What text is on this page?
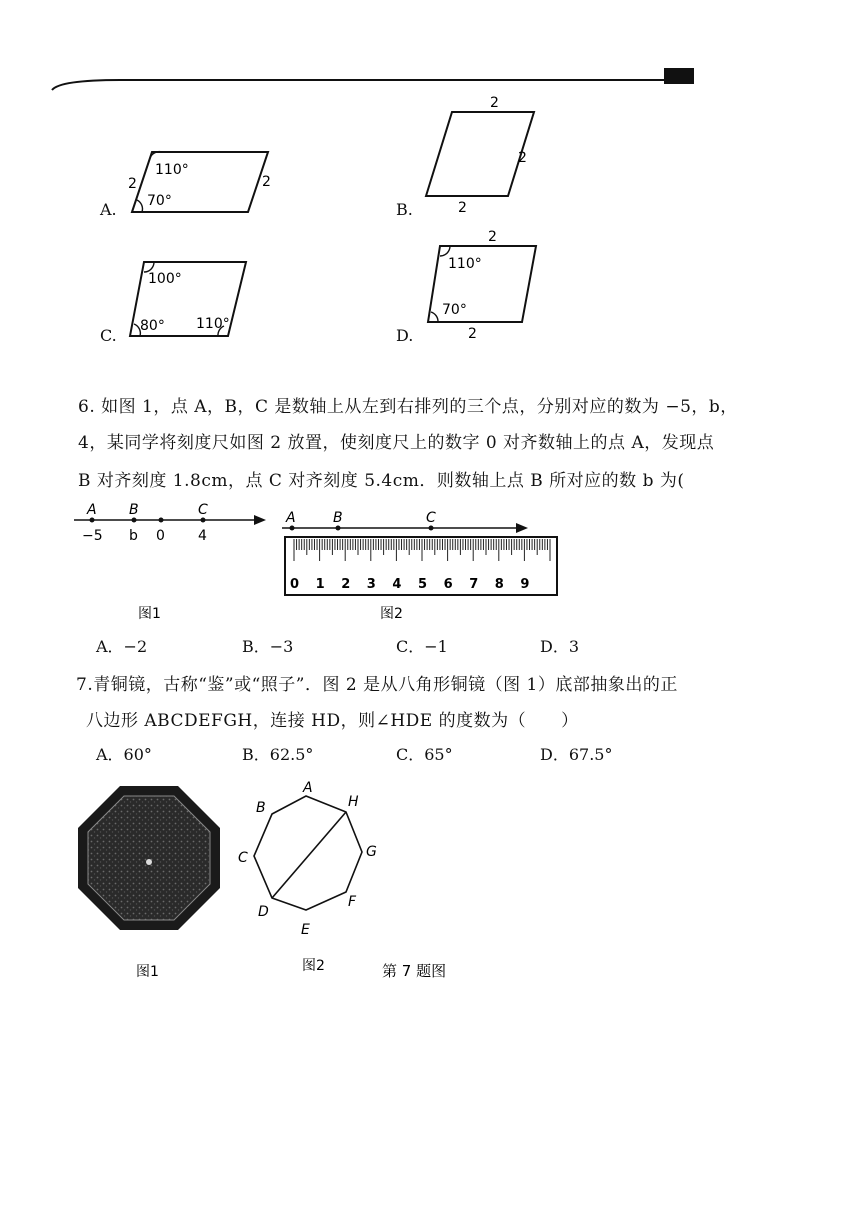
A.
110°
70°
2	2
B.
2
2
2
C.
100°
80° 110°
D.
110°
70°
2
2
6. 如图 1，点 A，B，C 是数轴上从左到右排列的三个点，分别对应的数为 −5，b，
4，某同学将刻度尺如图 2 放置，使刻度尺上的数字 0 对齐数轴上的点 A，发现点
B 对齐刻度 1.8cm，点 C 对齐刻度 5.4cm．则数轴上点 B 所对应的数 b 为(
A B	C
−5 b 0 4
图1
A	B	C
0 1 2 3 4 5 6 7 8 9
图2
A．−2	B．−3	C．−1	D．3
7.青铜镜，古称“鉴”或“照子”．图 2 是从八角形铜镜（图 1）底部抽象出的正
八边形 ABCDEFGH，连接 HD，则∠HDE 的度数为（　　）
A．60°	B．62.5°	C．65°	D．67.5°
图1
A
B
C
D
E
F
G
H
图2	第 7 题图
